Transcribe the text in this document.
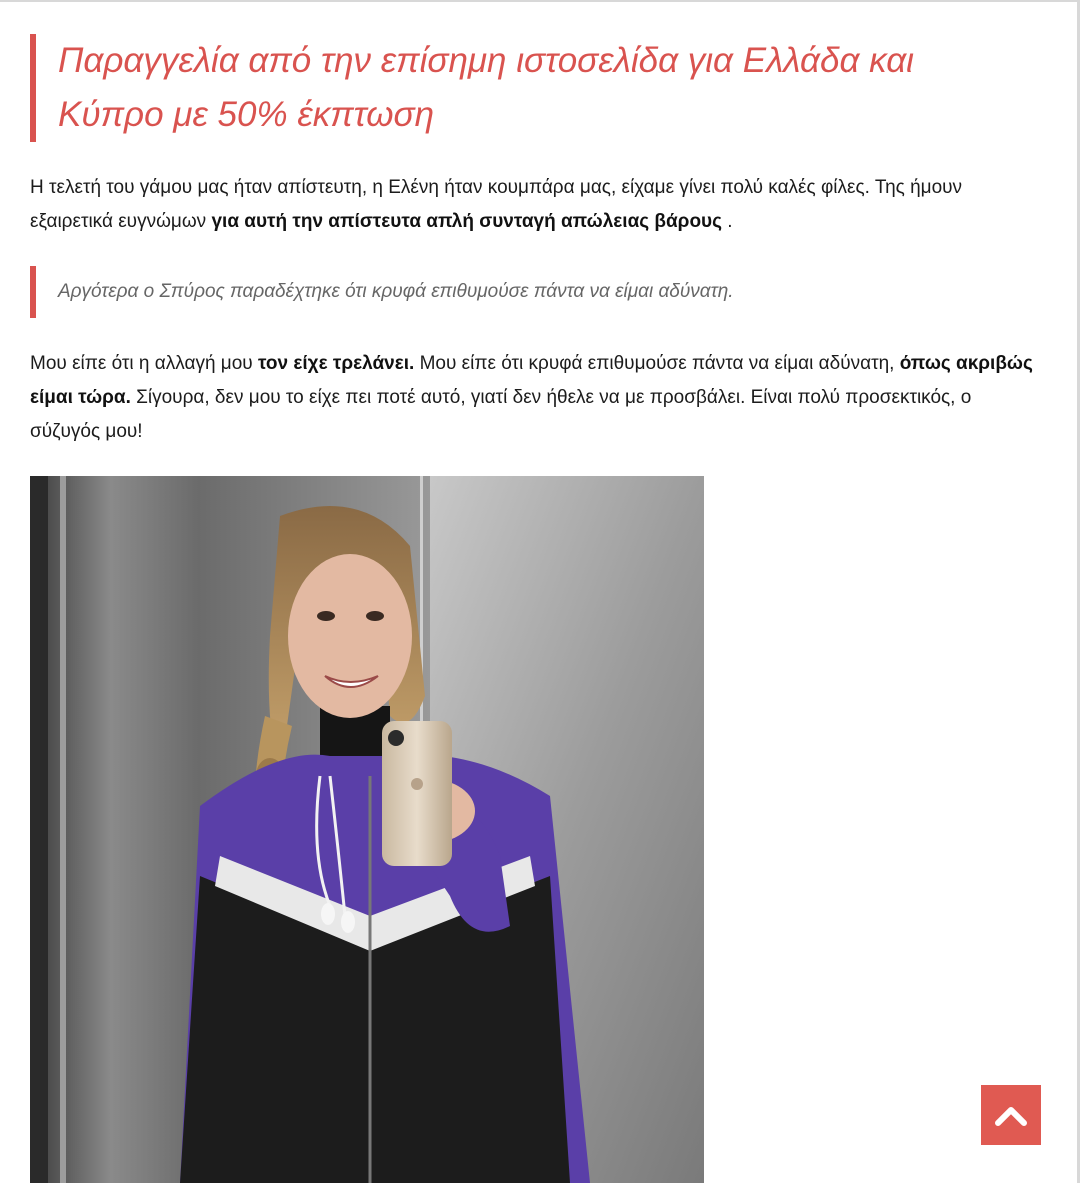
Παραγγελία από την επίσημη ιστοσελίδα για Ελλάδα και Κύπρο με 50% έκπτωση

Η τελετή του γάμου μας ήταν απίστευτη, η Ελένη ήταν κουμπάρα μας, είχαμε γίνει πολύ καλές φίλες. Της ήμουν εξαιρετικά ευγνώμων για αυτή την απίστευτα απλή συνταγή απώλειας βάρους .

Αργότερα ο Σπύρος παραδέχτηκε ότι κρυφά επιθυμούσε πάντα να είμαι αδύνατη.

Μου είπε ότι η αλλαγή μου τον είχε τρελάνει. Μου είπε ότι κρυφά επιθυμούσε πάντα να είμαι αδύνατη, όπως ακριβώς είμαι τώρα. Σίγουρα, δεν μου το είχε πει ποτέ αυτό, γιατί δεν ήθελε να με προσβάλει. Είναι πολύ προσεκτικός, ο σύζυγός μου!
